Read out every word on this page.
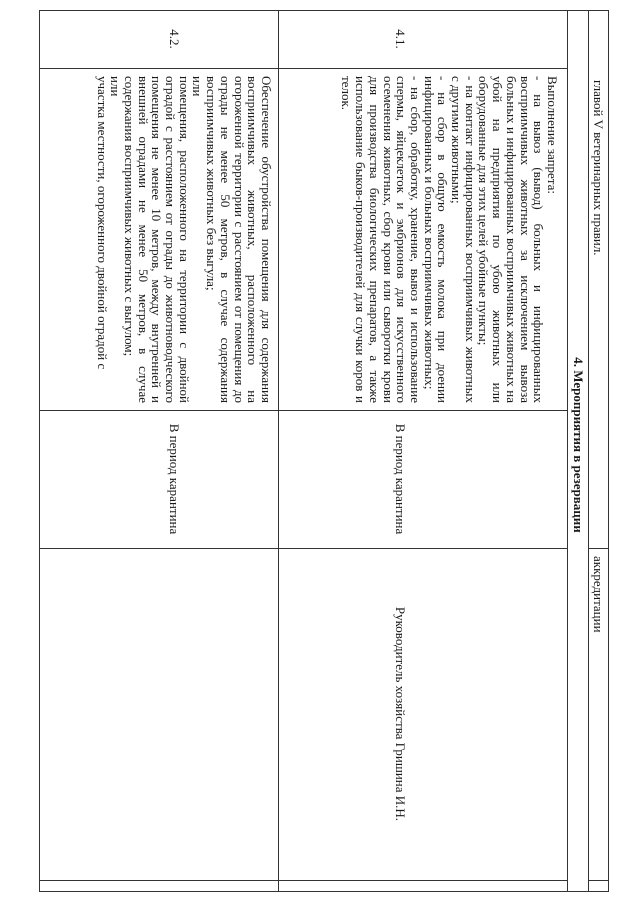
главой V ветеринарных правил.
аккредитации
4. Мероприятия в резервации
4.1.

Выполнение запрета:

- на вывоз (вывод) больных и инфицированных восприимчивых животных за исключением вывоза больных и инфицированных восприимчивых животных на убой на предприятия по убою животных или оборудованные для этих целей убойные пункты;

- на контакт инфицированных восприимчивых животных с другими животными;

- на сбор в общую емкость молока при доении инфицированных и больных восприимчивых животных;

- на сбор, обработку, хранение, вывоз и использование спермы, яйцеклеток и эмбрионов для искусственного осеменения животных, сбор крови или сыворотки крови для производства биологических препаратов, а также использование быков-производителей для случки коров и телок.

В период карантина
Руководитель хозяйства Гришина И.Н.
4.2.

Обеспечение обустройства помещения для содержания восприимчивых животных, расположенного на огороженной территории с расстоянием от помещения до ограды не менее 50 метров, в случае содержания восприимчивых животных без выгула;

или

помещения, расположенного на территории с двойной оградой с расстоянием от ограды до животноводческого помещения не менее 10 метров, между внутренней и внешней оградами не менее 50 метров, в случае содержания восприимчивых животных с выгулом;

или

участка местности, огороженного двойной оградой с

В период карантина
